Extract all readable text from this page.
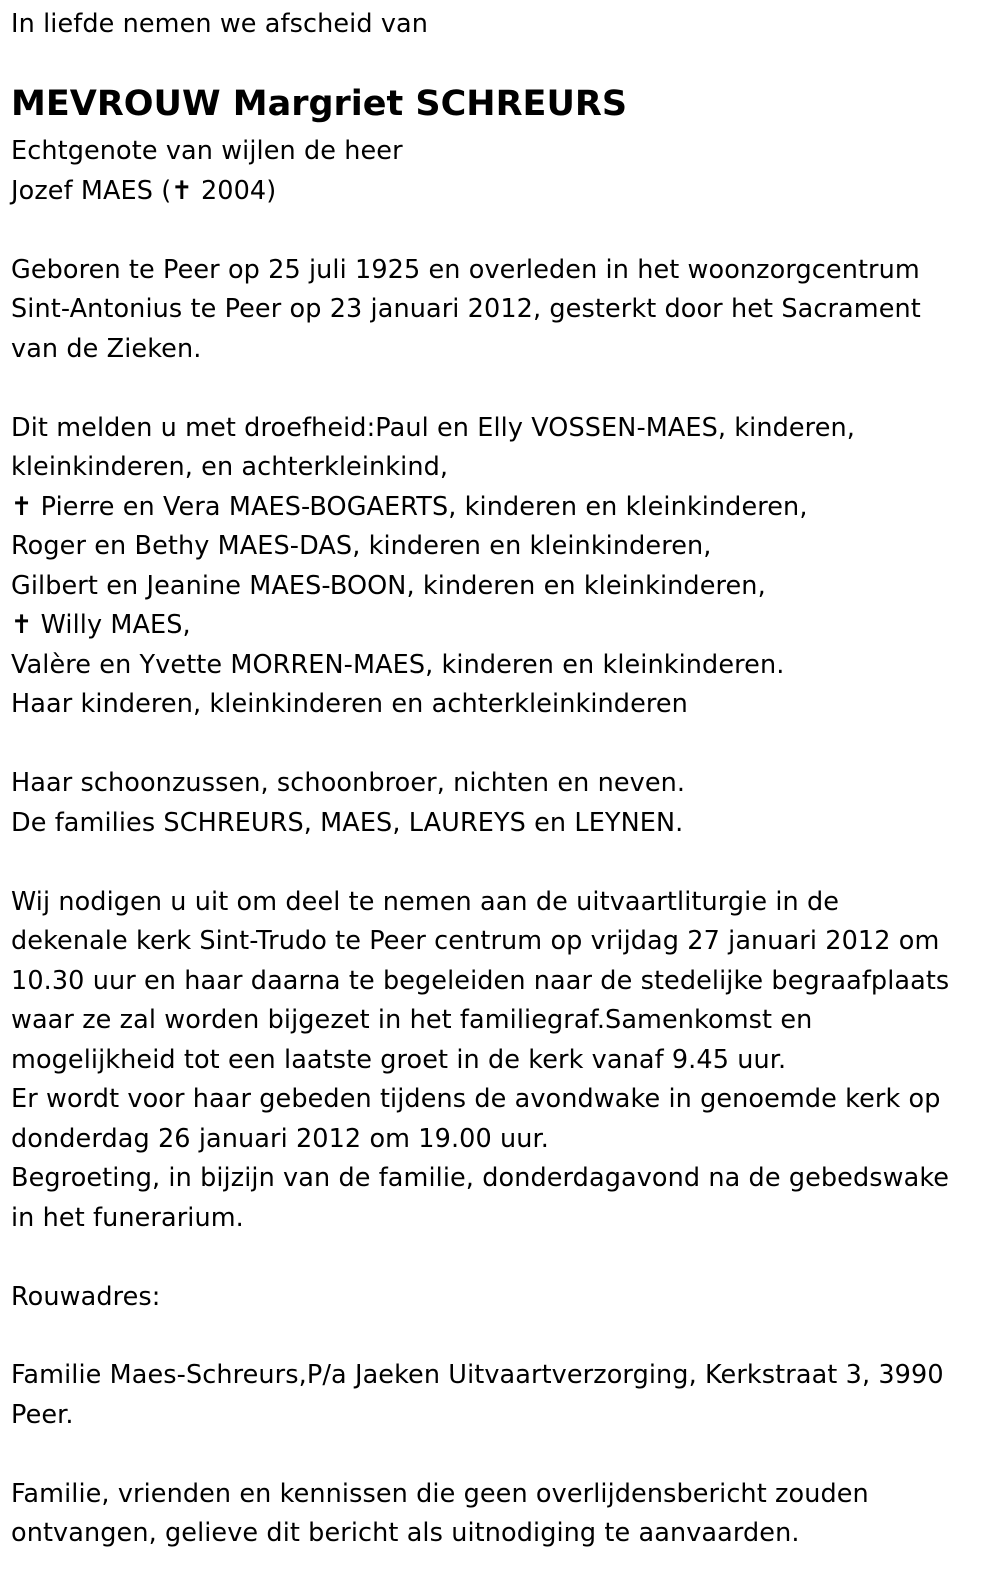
In liefde nemen we afscheid van
MEVROUW Margriet SCHREURS
Echtgenote van wijlen de heer
Jozef MAES (✝ 2004)
Geboren te Peer op 25 juli 1925 en overleden in het woonzorgcentrum
Sint-Antonius te Peer op 23 januari 2012, gesterkt door het Sacrament
van de Zieken.
Dit melden u met droefheid:Paul en Elly VOSSEN-MAES, kinderen,
kleinkinderen, en achterkleinkind,
✝ Pierre en Vera MAES-BOGAERTS, kinderen en kleinkinderen,
Roger en Bethy MAES-DAS, kinderen en kleinkinderen,
Gilbert en Jeanine MAES-BOON, kinderen en kleinkinderen,
✝ Willy MAES,
Valère en Yvette MORREN-MAES, kinderen en kleinkinderen.
Haar kinderen, kleinkinderen en achterkleinkinderen
Haar schoonzussen, schoonbroer, nichten en neven.
De families SCHREURS, MAES, LAUREYS en LEYNEN.
Wij nodigen u uit om deel te nemen aan de uitvaartliturgie in de
dekenale kerk Sint-Trudo te Peer centrum op vrijdag 27 januari 2012 om
10.30 uur en haar daarna te begeleiden naar de stedelijke begraafplaats
waar ze zal worden bijgezet in het familiegraf.Samenkomst en
mogelijkheid tot een laatste groet in de kerk vanaf 9.45 uur.
Er wordt voor haar gebeden tijdens de avondwake in genoemde kerk op
donderdag 26 januari 2012 om 19.00 uur.
Begroeting, in bijzijn van de familie, donderdagavond na de gebedswake
in het funerarium.
Rouwadres:
Familie Maes-Schreurs,P/a Jaeken Uitvaartverzorging, Kerkstraat 3, 3990
Peer.
Familie, vrienden en kennissen die geen overlijdensbericht zouden
ontvangen, gelieve dit bericht als uitnodiging te aanvaarden.
